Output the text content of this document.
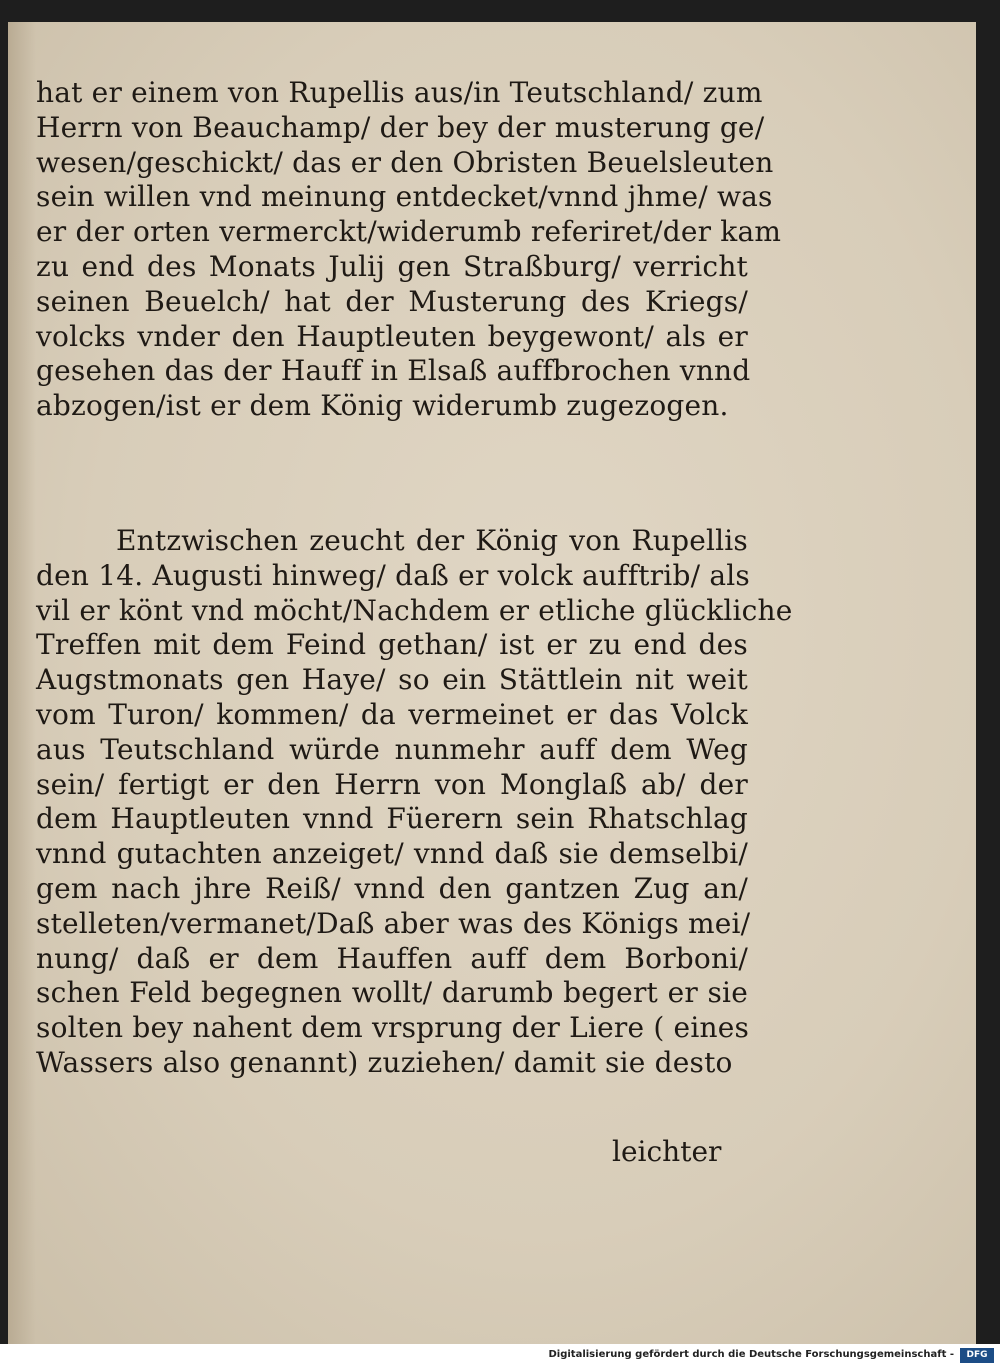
hat er einem von Rupellis aus/in Teutschland/ zum
Herrn von Beauchamp/ der bey der musterung ge/
wesen/geschickt/ das er den Obristen Beuelsleuten
sein willen vnd meinung entdecket/vnnd jhme/ was
er der orten vermerckt/widerumb referiret/der kam
zu end des Monats Julij gen Straßburg/ verricht
seinen Beuelch/ hat der Musterung des Kriegs/
volcks vnder den Hauptleuten beygewont/ als er
gesehen das der Hauff in Elsaß auffbrochen vnnd
abzogen/ist er dem König widerumb zugezogen.
Entzwischen zeucht der König von Rupellis
den 14. Augusti hinweg/ daß er volck aufftrib/ als
vil er könt vnd möcht/Nachdem er etliche glückliche
Treffen mit dem Feind gethan/ ist er zu end des
Augstmonats gen Haye/ so ein Stättlein nit weit
vom Turon/ kommen/ da vermeinet er das Volck
aus Teutschland würde nunmehr auff dem Weg
sein/ fertigt er den Herrn von Monglaß ab/ der
dem Hauptleuten vnnd Füerern sein Rhatschlag
vnnd gutachten anzeiget/ vnnd daß sie demselbi/
gem nach jhre Reiß/ vnnd den gantzen Zug an/
stelleten/vermanet/Daß aber was des Königs mei/
nung/ daß er dem Hauffen auff dem Borboni/
schen Feld begegnen wollt/ darumb begert er sie
solten bey nahent dem vrsprung der Liere ( eines
Wassers also genannt) zuziehen/ damit sie desto
leichter
Digitalisierung gefördert durch die Deutsche Forschungsgemeinschaft -	DFG
